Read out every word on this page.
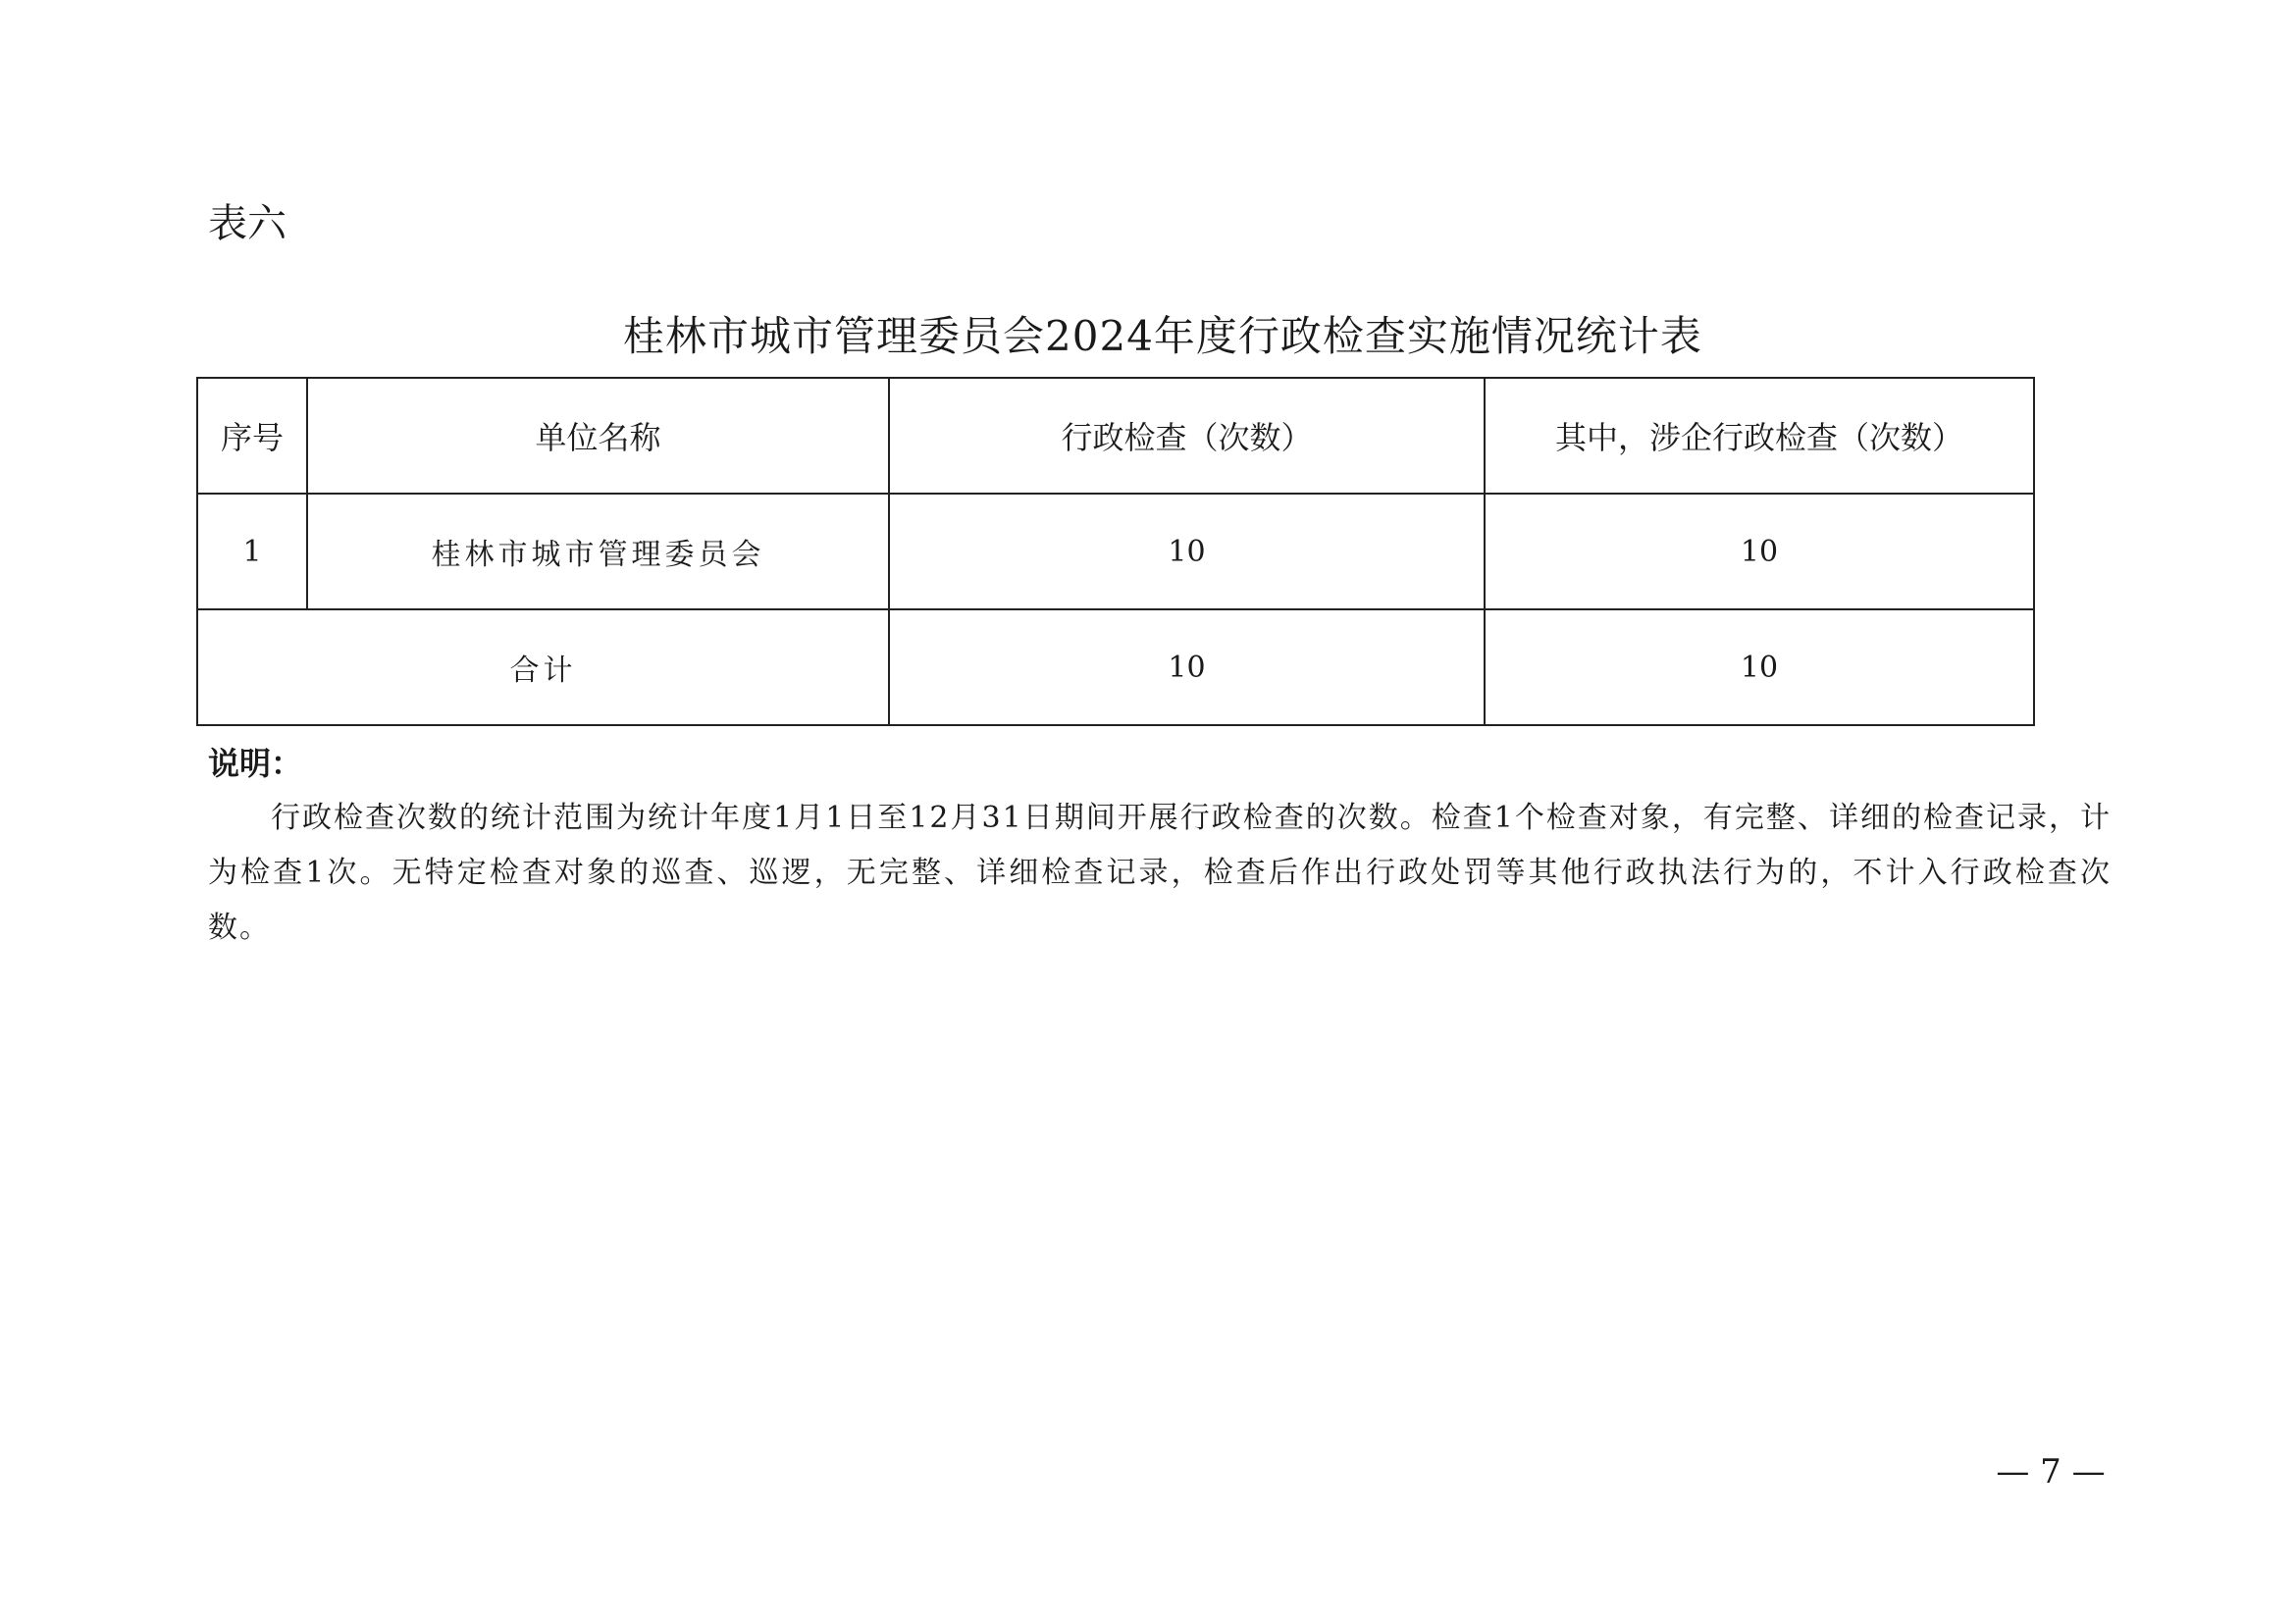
表六
桂林市城市管理委员会2024年度行政检查实施情况统计表
序号	单位名称	行政检查（次数）	其中，涉企行政检查（次数）
1	桂林市城市管理委员会	10	10
合计		10	10
说明：
行政检查次数的统计范围为统计年度1月1日至12月31日期间开展行政检查的次数。检查1个检查对象，有完整、详细的检查记录，计为检查1次。无特定检查对象的巡查、巡逻，无完整、详细检查记录，检查后作出行政处罚等其他行政执法行为的，不计入行政检查次数。
— 7 —
